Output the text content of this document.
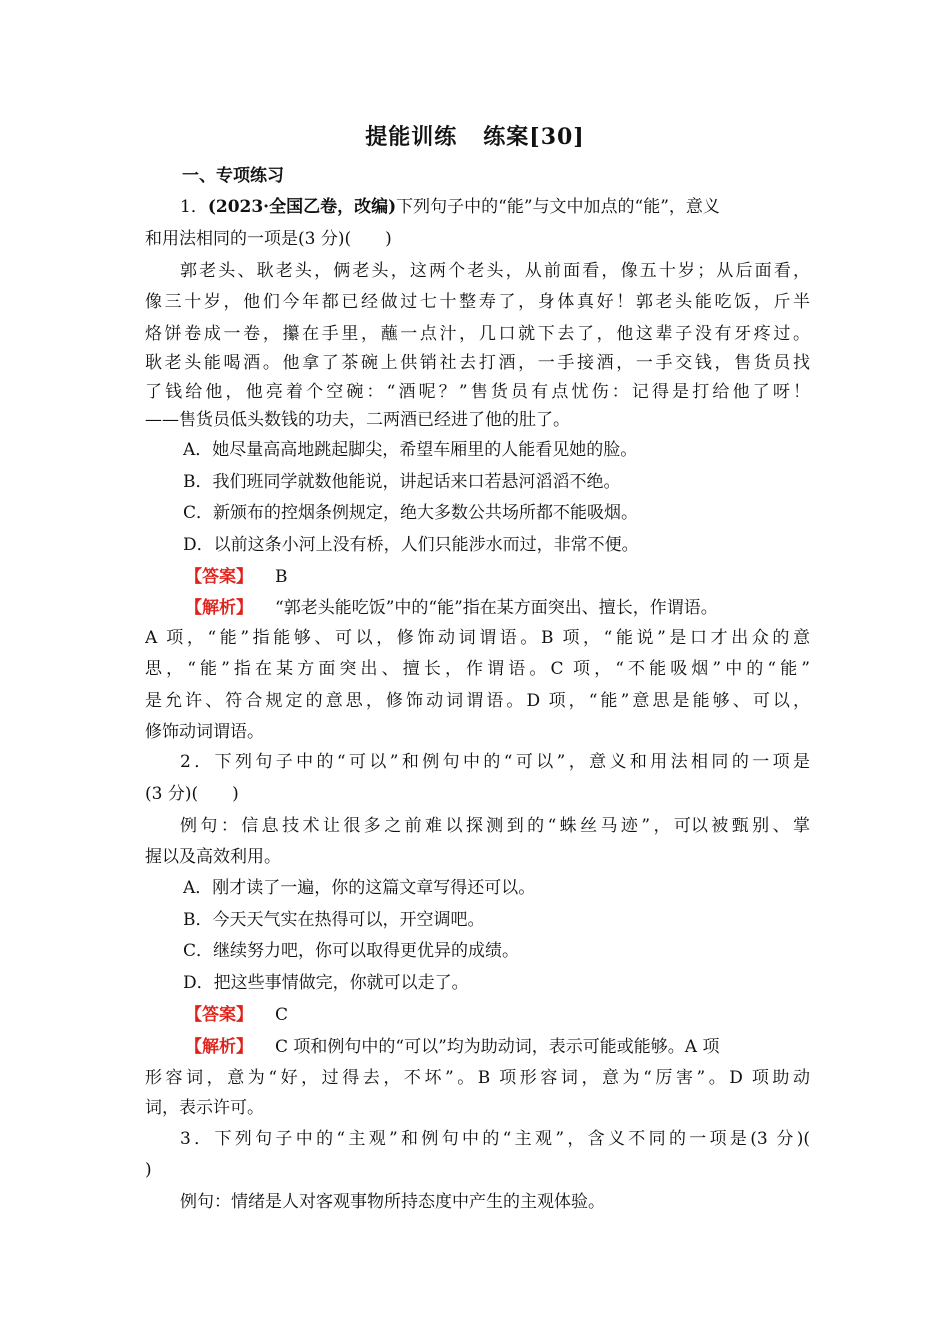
提能训练 练案[30]
一、专项练习
1．(2023·全国乙卷，改编)下列句子中的“能”与文中加点的“能”，意义
和用法相同的一项是(3 分)(　　)
郭老头、耿老头，俩老头，这两个老头，从前面看，像五十岁；从后面看，
像三十岁，他们今年都已经做过七十整寿了，身体真好！郭老头能吃饭，斤半
烙饼卷成一卷，攥在手里，蘸一点汁，几口就下去了，他这辈子没有牙疼过。
耿老头能喝酒。他拿了茶碗上供销社去打酒，一手接酒，一手交钱，售货员找
了钱给他，他亮着个空碗：“酒呢？”售货员有点忧伤：记得是打给他了呀！
——售货员低头数钱的功夫，二两酒已经进了他的肚了。
A．她尽量高高地跳起脚尖，希望车厢里的人能看见她的脸。
B．我们班同学就数他能说，讲起话来口若悬河滔滔不绝。
C．新颁布的控烟条例规定，绝大多数公共场所都不能吸烟。
D．以前这条小河上没有桥，人们只能涉水而过，非常不便。
【答案】 B
【解析】 “郭老头能吃饭”中的“能”指在某方面突出、擅长，作谓语。
A 项，“能”指能够、可以，修饰动词谓语。B 项，“能说”是口才出众的意
思，“能”指在某方面突出、擅长，作谓语。C 项，“不能吸烟”中的“能”
是允许、符合规定的意思，修饰动词谓语。D 项，“能”意思是能够、可以，
修饰动词谓语。
2．下列句子中的“可以”和例句中的“可以”，意义和用法相同的一项是
(3 分)(　　)
例句：信息技术让很多之前难以探测到的“蛛丝马迹”，可以被甄别、掌
握以及高效利用。
A．刚才读了一遍，你的这篇文章写得还可以。
B．今天天气实在热得可以，开空调吧。
C．继续努力吧，你可以取得更优异的成绩。
D．把这些事情做完，你就可以走了。
【答案】 C
【解析】 C 项和例句中的“可以”均为助动词，表示可能或能够。A 项
形容词，意为“好，过得去，不坏”。B 项形容词，意为“厉害”。D 项助动
词，表示许可。
3．下列句子中的“主观”和例句中的“主观”，含义不同的一项是(3 分)(
)
例句：情绪是人对客观事物所持态度中产生的主观体验。
